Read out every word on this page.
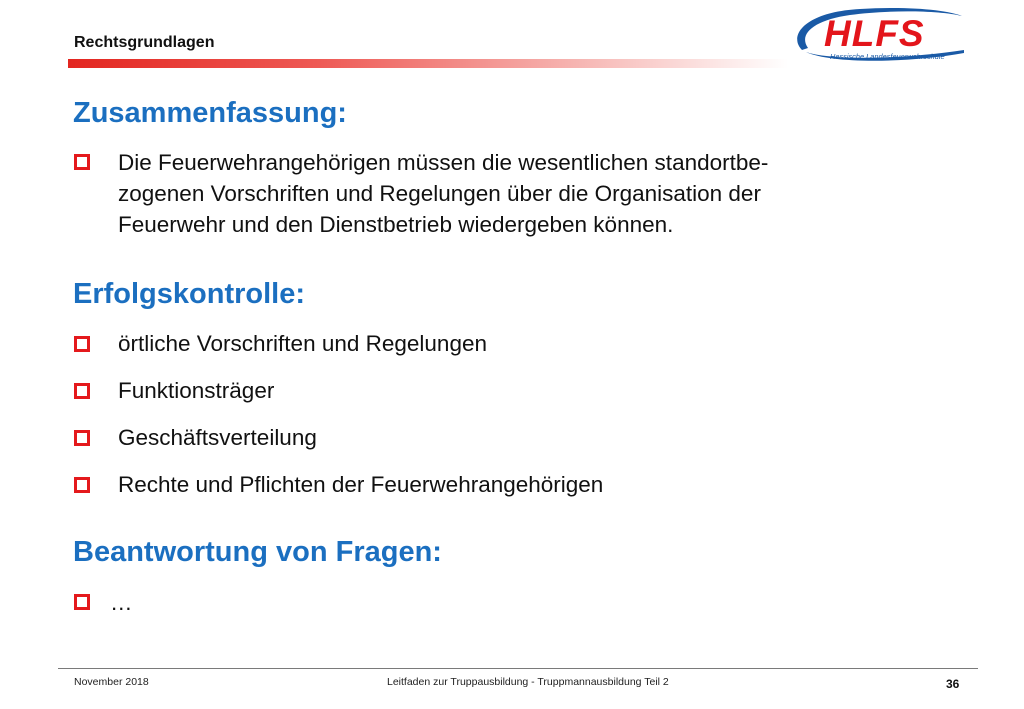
Rechtsgrundlagen	HLFS
Hessische Landesfeuerwehrschule
Zusammenfassung:
Die Feuerwehrangehörigen müssen die wesentlichen standortbe-
zogenen Vorschriften und Regelungen über die Organisation der
Feuerwehr und den Dienstbetrieb wiedergeben können.
Erfolgskontrolle:
örtliche Vorschriften und Regelungen
Funktionsträger
Geschäftsverteilung
Rechte und Pflichten der Feuerwehrangehörigen
Beantwortung von Fragen:
…
November 2018	Leitfaden zur Truppausbildung - Truppmannausbildung Teil 2	36
